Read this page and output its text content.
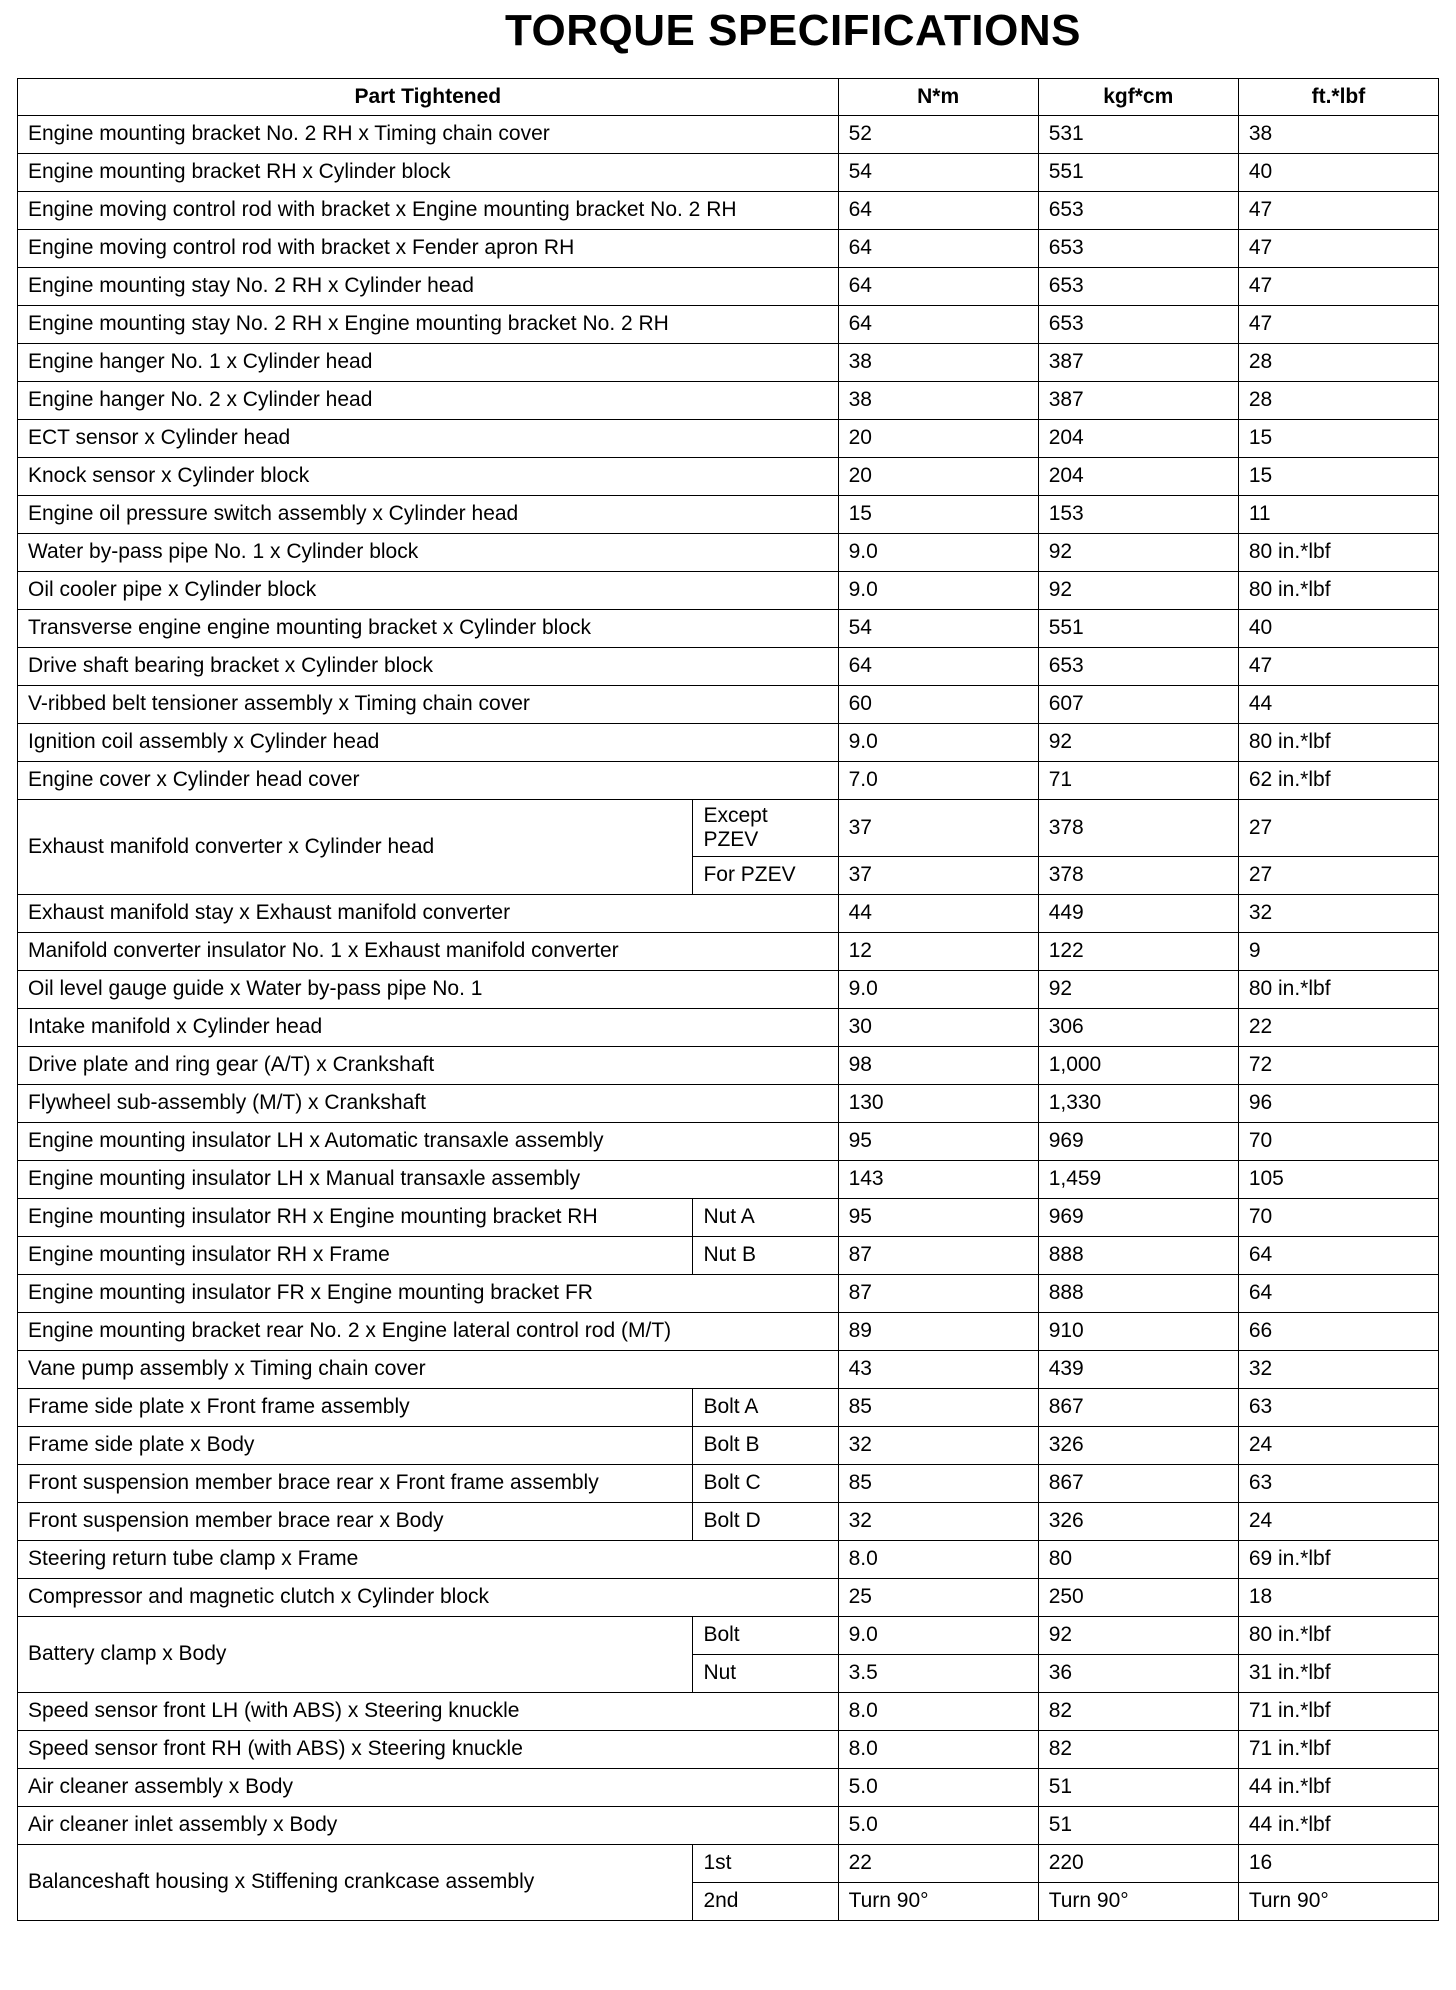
TORQUE SPECIFICATIONS
Part Tightened		N*m	kgf*cm	ft.*lbf
Engine mounting bracket No. 2 RH x Timing chain cover		52	531	38
Engine mounting bracket RH x Cylinder block		54	551	40
Engine moving control rod with bracket x Engine mounting bracket No. 2 RH		64	653	47
Engine moving control rod with bracket x Fender apron RH		64	653	47
Engine mounting stay No. 2 RH x Cylinder head		64	653	47
Engine mounting stay No. 2 RH x Engine mounting bracket No. 2 RH		64	653	47
Engine hanger No. 1 x Cylinder head		38	387	28
Engine hanger No. 2 x Cylinder head		38	387	28
ECT sensor x Cylinder head		20	204	15
Knock sensor x Cylinder block		20	204	15
Engine oil pressure switch assembly x Cylinder head		15	153	11
Water by-pass pipe No. 1 x Cylinder block		9.0	92	80 in.*lbf
Oil cooler pipe x Cylinder block		9.0	92	80 in.*lbf
Transverse engine engine mounting bracket x Cylinder block		54	551	40
Drive shaft bearing bracket x Cylinder block		64	653	47
V-ribbed belt tensioner assembly x Timing chain cover		60	607	44
Ignition coil assembly x Cylinder head		9.0	92	80 in.*lbf
Engine cover x Cylinder head cover		7.0	71	62 in.*lbf
Exhaust manifold converter x Cylinder head	Except PZEV	37	378	27
	For PZEV	37	378	27
Exhaust manifold stay x Exhaust manifold converter		44	449	32
Manifold converter insulator No. 1 x Exhaust manifold converter		12	122	9
Oil level gauge guide x Water by-pass pipe No. 1		9.0	92	80 in.*lbf
Intake manifold x Cylinder head		30	306	22
Drive plate and ring gear (A/T) x Crankshaft		98	1,000	72
Flywheel sub-assembly (M/T) x Crankshaft		130	1,330	96
Engine mounting insulator LH x Automatic transaxle assembly		95	969	70
Engine mounting insulator LH x Manual transaxle assembly		143	1,459	105
Engine mounting insulator RH x Engine mounting bracket RH	Nut A	95	969	70
Engine mounting insulator RH x Frame	Nut B	87	888	64
Engine mounting insulator FR x Engine mounting bracket FR		87	888	64
Engine mounting bracket rear No. 2 x Engine lateral control rod (M/T)		89	910	66
Vane pump assembly x Timing chain cover		43	439	32
Frame side plate x Front frame assembly	Bolt A	85	867	63
Frame side plate x Body	Bolt B	32	326	24
Front suspension member brace rear x Front frame assembly	Bolt C	85	867	63
Front suspension member brace rear x Body	Bolt D	32	326	24
Steering return tube clamp x Frame		8.0	80	69 in.*lbf
Compressor and magnetic clutch x Cylinder block		25	250	18
Battery clamp x Body	Bolt	9.0	92	80 in.*lbf
	Nut	3.5	36	31 in.*lbf
Speed sensor front LH (with ABS) x Steering knuckle		8.0	82	71 in.*lbf
Speed sensor front RH (with ABS) x Steering knuckle		8.0	82	71 in.*lbf
Air cleaner assembly x Body		5.0	51	44 in.*lbf
Air cleaner inlet assembly x Body		5.0	51	44 in.*lbf
Balanceshaft housing x Stiffening crankcase assembly	1st	22	220	16
	2nd	Turn 90°	Turn 90°	Turn 90°
